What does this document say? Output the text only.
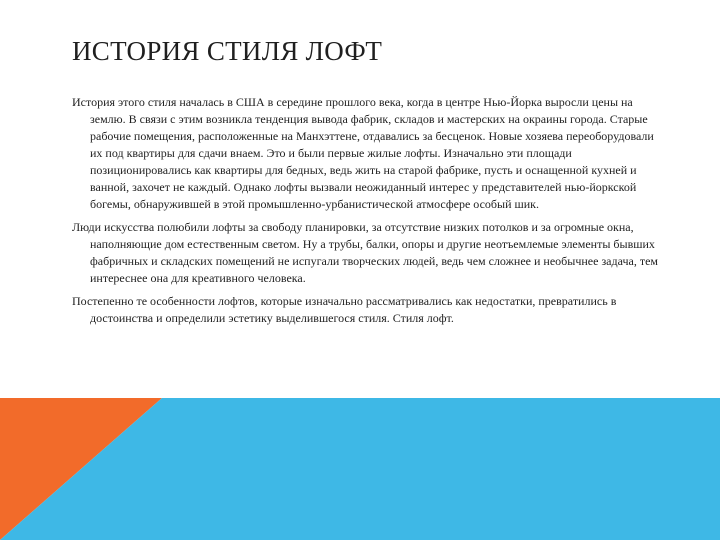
ИСТОРИЯ СТИЛЯ ЛОФТ

История этого стиля началась в США в середине прошлого века, когда в центре Нью-Йорка выросли цены на землю. В связи с этим возникла тенденция вывода фабрик, складов и мастерских на окраины города. Старые рабочие помещения, расположенные на Манхэттене, отдавались за бесценок. Новые хозяева переоборудовали их под квартиры для сдачи внаем. Это и были первые жилые лофты. Изначально эти площади позиционировались как квартиры для бедных, ведь жить на старой фабрике, пусть и оснащенной кухней и ванной, захочет не каждый. Однако лофты вызвали неожиданный интерес у представителей нью-йоркской богемы, обнаружившей в этой промышленно-урбанистической атмосфере особый шик.

Люди искусства полюбили лофты за свободу планировки, за отсутствие низких потолков и за огромные окна, наполняющие дом естественным светом. Ну а трубы, балки, опоры и другие неотъемлемые элементы бывших фабричных и складских помещений не испугали творческих людей, ведь чем сложнее и необычнее задача, тем интереснее она для креативного человека.

Постепенно те особенности лофтов, которые изначально рассматривались как недостатки, превратились в достоинства и определили эстетику выделившегося стиля. Стиля лофт.
